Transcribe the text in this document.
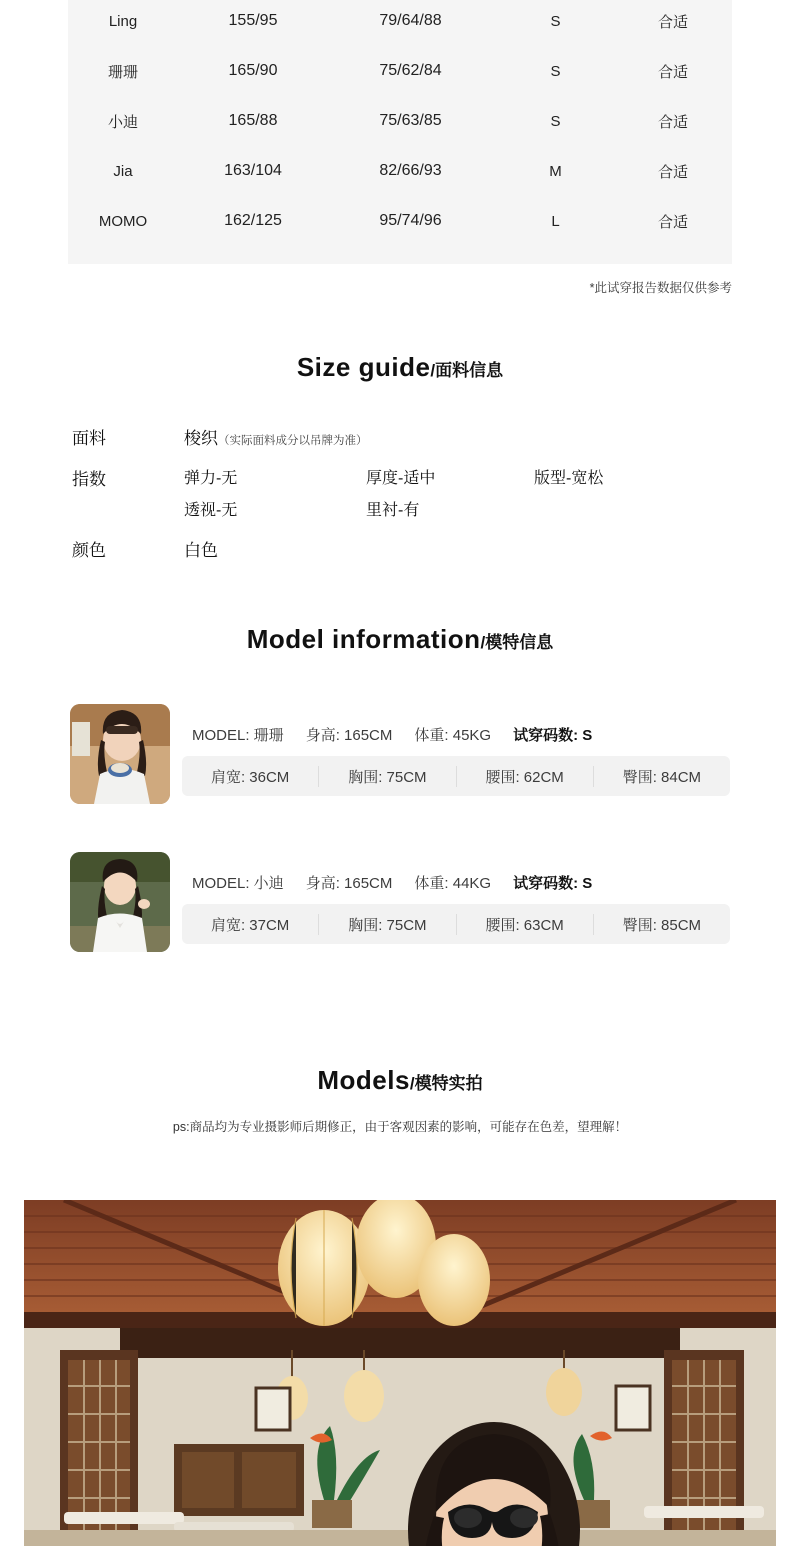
Ling	155/95	79/64/88	S	合适
珊珊	165/90	75/62/84	S	合适
小迪	165/88	75/63/85	S	合适
Jia	163/104	82/66/93	M	合适
MOMO	162/125	95/74/96	L	合适
*此试穿报告数据仅供参考
Size guide/面料信息
面料	梭织（实际面料成分以吊牌为准）
指数	弹力-无	厚度-适中	版型-宽松
透视-无	里衬-有
颜色	白色
Model information/模特信息
MODEL: 珊珊 身高: 165CM 体重: 45KG 试穿码数: S
肩宽: 36CM	胸围: 75CM	腰围: 62CM	臀围: 84CM
MODEL: 小迪 身高: 165CM 体重: 44KG 试穿码数: S
肩宽: 37CM	胸围: 75CM	腰围: 63CM	臀围: 85CM
Models/模特实拍
ps:商品均为专业摄影师后期修正，由于客观因素的影响，可能存在色差，望理解！
